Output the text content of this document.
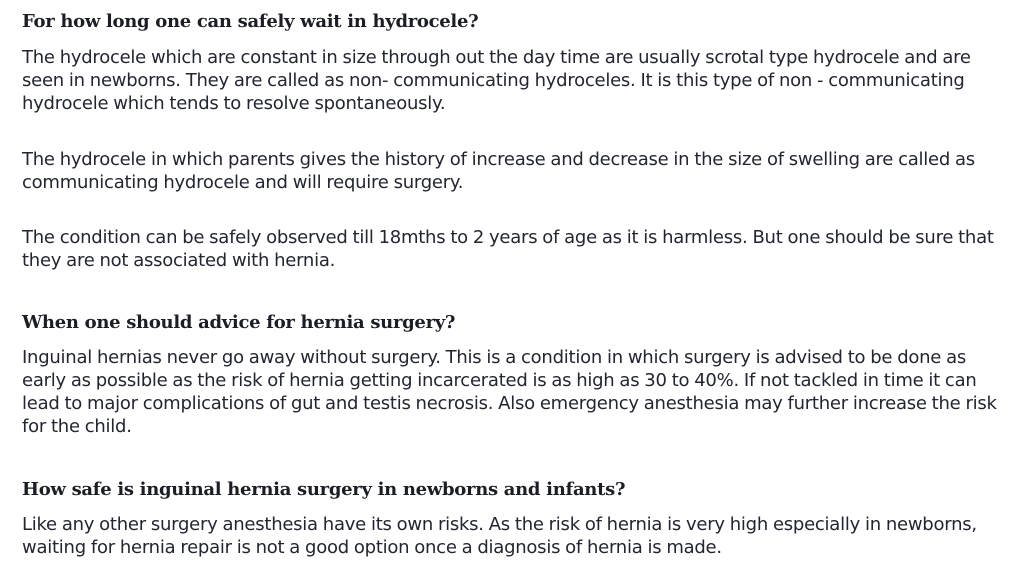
For how long one can safely wait in hydrocele?

The hydrocele which are constant in size through out the day time are usually scrotal type hydrocele and are seen in newborns. They are called as non- communicating hydroceles. It is this type of non - communicating hydrocele which tends to resolve spontaneously.

The hydrocele in which parents gives the history of increase and decrease in the size of swelling are called as communicating hydrocele and will require surgery.

The condition can be safely observed till 18mths to 2 years of age as it is harmless. But one should be sure that they are not associated with hernia.

When one should advice for hernia surgery?

Inguinal hernias never go away without surgery. This is a condition in which surgery is advised to be done as early as possible as the risk of hernia getting incarcerated is as high as 30 to 40%. If not tackled in time it can lead to major complications of gut and testis necrosis. Also emergency anesthesia may further increase the risk for the child.

How safe is inguinal hernia surgery in newborns and infants?

Like any other surgery anesthesia have its own risks. As the risk of hernia is very high especially in newborns, waiting for hernia repair is not a good option once a diagnosis of hernia is made.
